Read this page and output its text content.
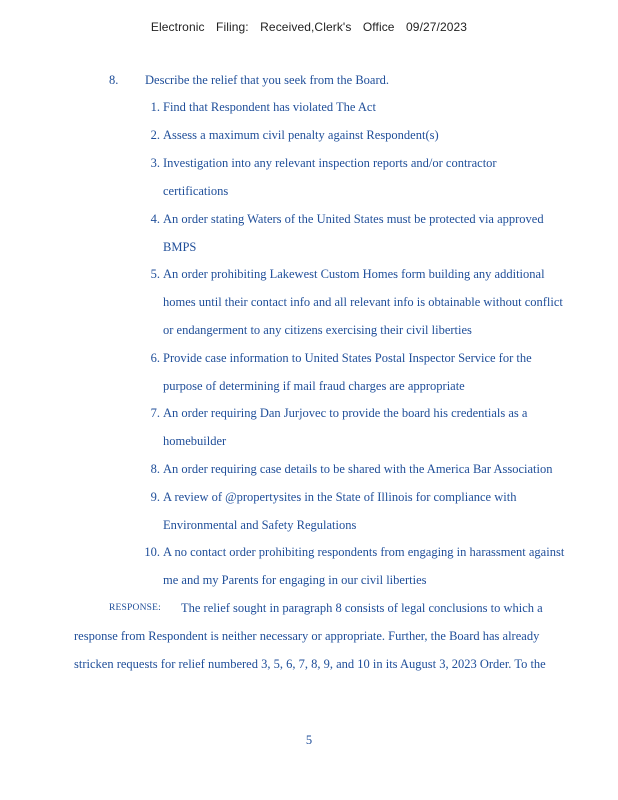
Electronic Filing: Received,Clerk's Office 09/27/2023
8. Describe the relief that you seek from the Board.
1. Find that Respondent has violated The Act
2. Assess a maximum civil penalty against Respondent(s)
3. Investigation into any relevant inspection reports and/or contractor
certifications
4. An order stating Waters of the United States must be protected via approved
BMPS
5. An order prohibiting Lakewest Custom Homes form building any additional
homes until their contact info and all relevant info is obtainable without conflict
or endangerment to any citizens exercising their civil liberties
6. Provide case information to United States Postal Inspector Service for the
purpose of determining if mail fraud charges are appropriate
7. An order requiring Dan Jurjovec to provide the board his credentials as a
homebuilder
8. An order requiring case details to be shared with the America Bar Association
9. A review of @propertysites in the State of Illinois for compliance with
Environmental and Safety Regulations
10. A no contact order prohibiting respondents from engaging in harassment against
me and my Parents for engaging in our civil liberties
RESPONSE: The relief sought in paragraph 8 consists of legal conclusions to which a
response from Respondent is neither necessary or appropriate. Further, the Board has already
stricken requests for relief numbered 3, 5, 6, 7, 8, 9, and 10 in its August 3, 2023 Order. To the
5
